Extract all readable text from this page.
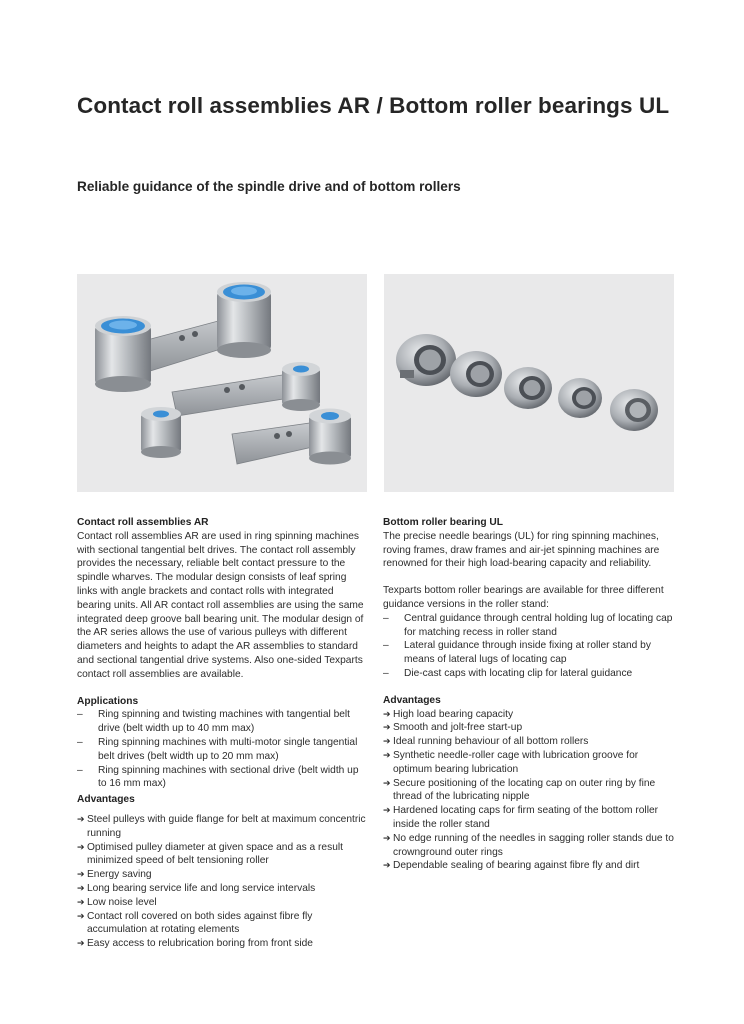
Contact roll assemblies AR / Bottom roller bearings UL
Reliable guidance of the spindle drive and of bottom rollers
Contact roll assemblies AR

Contact roll assemblies AR are used in ring spinning machines with sectional tangential belt drives. The contact roll assembly provides the necessary, reliable belt contact pressure to the spindle wharves. The modular design consists of leaf spring links with angle brackets and contact rolls with integrated bearing units. All AR contact roll assemblies are using the same integrated deep groove ball bearing unit. The modular design of the AR series allows the use of various pulleys with different diameters and heights to adapt the AR assemblies to standard and sectional tangential drive systems. Also one-sided Texparts contact roll assemblies are available.

Applications
– Ring spinning and twisting machines with tangential belt drive (belt width up to 40 mm max)
– Ring spinning machines with multi-motor single tangential belt drives (belt width up to 20 mm max)
– Ring spinning machines with sectional drive (belt width up to 16 mm max)
Advantages
➔ Steel pulleys with guide flange for belt at maximum concentric running
➔ Optimised pulley diameter at given space and as a result minimized speed of belt tensioning roller
➔ Energy saving
➔ Long bearing service life and long service intervals
➔ Low noise level
➔ Contact roll covered on both sides against fibre fly accumulation at rotating elements
➔ Easy access to relubrication boring from front side
Bottom roller bearing UL

The precise needle bearings (UL) for ring spinning machines, roving frames, draw frames and air-jet spinning machines are renowned for their high load-bearing capacity and reliability.

Texparts bottom roller bearings are available for three different guidance versions in the roller stand:

– Central guidance through central holding lug of locating cap for matching recess in roller stand
– Lateral guidance through inside fixing at roller stand by means of lateral lugs of locating cap
– Die-cast caps with locating clip for lateral guidance
Advantages
➔ High load bearing capacity
➔ Smooth and jolt-free start-up
➔ Ideal running behaviour of all bottom rollers
➔ Synthetic needle-roller cage with lubrication groove for optimum bearing lubrication
➔ Secure positioning of the locating cap on outer ring by fine thread of the lubricating nipple
➔ Hardened locating caps for firm seating of the bottom roller inside the roller stand
➔ No edge running of the needles in sagging roller stands due to crownground outer rings
➔ Dependable sealing of bearing against fibre fly and dirt
